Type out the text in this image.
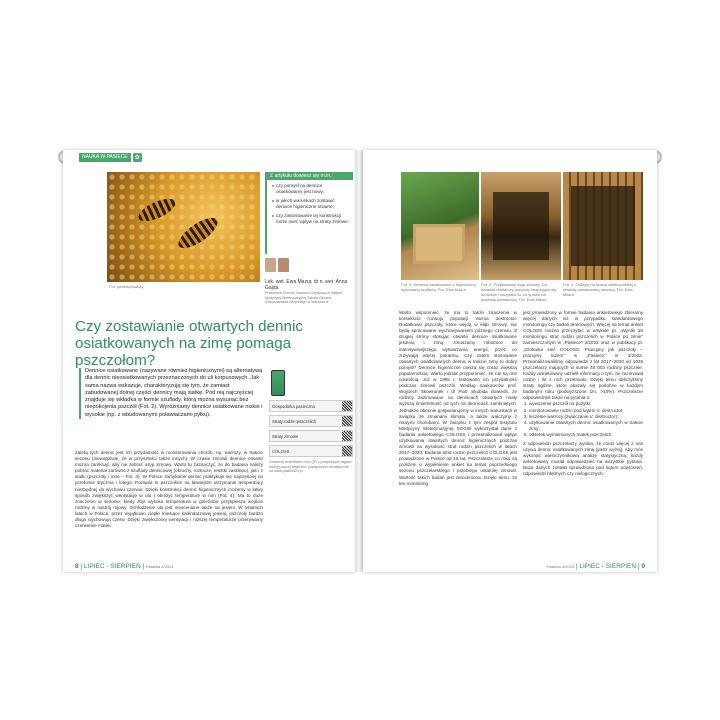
NAUKA W PASIECE	✿
Fot. pexels/pixabay
Z artykułu dowiesz się m.in.:
czy pomysł na dennice osiatkowanej jest nowy;
w jakich warunkach zostawić dennice higieniczne otwarte;
czy zastosowanie tej konstrukcji może mieć wpływ na straty zimowe.
Lek. wet. Ewa Mazur, dr n. wet. Anna Gajda
Pracownia Chorób Owadów Użytkowych Instytut Medycyny Weterynaryjnej Szkoła Główna Gospodarstwa Wiejskiego w Warszawie
Czy zostawianie otwartych dennic osiatkowanych na zimę pomaga pszczołom?
Dennice osiatkowane (nazywane również higienicznymi) są alternatywą dla dennic nieosiatkowanych przeznaczonych do uli korpusowych. Jak sama nazwa wskazuje, charakteryzują się tym, że zamiast zabudowanej dolnej części dennicy mają siatkę. Pod nią najczęściej znajduje się wkładka w formie szuflady, którą można wysunąć bez niepokojenia pszczół (Fot. 2). Wyróżniamy dennice osiatkowane niskie i wysokie (np. z wbudowanymi poławiaczami pyłku).
Zaletą tych dennic jest ich przydatność w monitorowaniu chorób, np. warrozy, w trakcie sezonu (niewątpliwie, że w przyszłości także innych). W czasie zimowli dennice otwarte można zamknąć, aby nie zebrać osyp zimowy. Warto tu zaznaczyć, że do badania należy pobrać materiał zarówno z szuflady dennicowej (okruchy, roztocze, resztki zasklepu), jak i z siatki (pszczoły i inne – Fot. 3). W Polsce zamykanie dennic praktykuje się najczęściej na przełomie stycznia i lutego. Pozwala to pszczołom na łatwiejsze utrzymanie temperatury niezbędnej do wychowu czerwiu. Dzięki konstrukcji dennic higienicznych możemy w łatwy sposób zwiększyć wentylację w ulu i obniżyć temperaturę w nim (Fot. 4). Ma to duże znaczenie w sezonie, kiedy zbyt wysoka temperatura w gnieździe przyspiesza wejście rodziny w nastrój rojowy. Ochłodzenie ula jest nieocenione także na jesieni. W ostatnich latach w Polsce, przez wyjątkowo ciepłe miesiące kalendarzowej jesieni, pszczoły bardzo długo wychowują czerw. Dzięki zwiększonej wentylacji i niższej temperaturze przerywamy czerwienie matek.
Gospodarka pasieczna
Straty rodzin pszczelich
Straty zimowe
COLOSS
Zeskanuj smartfonem kod QR z powyższych tagów i dotrzyj więcej artykułów powiązanych tematycznie na www.pasieka24.pl
8 | LIPIEC - SIERPIEŃ | Pasieka 4/2023
Fot. 2. Dennica osiatkowana z higieniczną wysuwaną szufladą. Fot. Ewa Mazur
Fot. 3. Przykładowy osyp zimowy. Do badania dostarczy pszczoły znajdujące się na siatce i wszystko to, co spadło na szufladę pomiarową. Fot. Ewa Mazur
Fot. 4. Odkryty na lipnicę wielkopolskiej z otwartą osiatkowaną dennicą. Fot. Ewa Mazur
Warto wspomnieć, że ma to także znaczenie w kontekście rozwoju populacji Varroa destructor. Dodatkowo pszczoły, które wejdą w kłąb zimowy, nie będą spracowane wychowywaniem późnego czerwiu. Z drugiej strony stosując otwarte dennice osiatkowane jesienią i zimą, zmuszamy robotnice do intensywniejszego wytwarzania energii, przez co zużywają więcej pokarmu. Czy zatem stosowanie otwartych osiatkowanych dennic w trakcie zimy to dobry pomysł? Dennice higieniczne cieszą się coraz większą popularnością. Warto jednak przypomnieć, że nie są one nowością. Już w 1995 r. testowano ich przydatność podczas zimowli pszczół. Według naukowców prof. Wojciech Skowronek i dr Piotr Skubida dowiedli, że rodziny zazimowane na dennicach otwartych miały wyższą śmiertelność od tych na dennicach zamkniętych. Jednakże obecnie gospodarujemy w innych warunkach w związku ze zmianami klimatu, a także walczymy z nowymi chorobami. W związku z tym zespół Instytutu Medycyny Weterynaryjnej SGGW wykorzystał dane z badania ankietowego COLOSS i przeanalizował wpływ użytkowania otwartych dennic higienicznych podczas zimowli na wysokość strat rodzin pszczelich w latach 2017–2020. Badanie strat rodzin pszczelich COLOSS jest prowadzone w Polsce od 16 lat. Pszczelarze co roku są proszeni o wypełnienie ankiet na temat poprzedniego sezonu pszczelarskiego i przebiegu ostatniej zimowli. Wartość takich badań jest nieoceniona. Dzięki temu, że ten monitoring
jest prowadzony w formie badania ankietowego zbieramy więcej danych niż w przypadku standardowego monitoringu czy badań terenowych. Więcej na temat ankiet COLOSS można przeczytać w artykule pt. „Wyniki 16 monitoringu strat rodzin pszczelich w Polsce po zimie” zamieszczonym w „Pasiece” 3/2023 oraz w publikacji pt. „Globalna sieć COLOSS: Pracujmy jak pszczoły – pracujmy razem” w „Pasiece” nr 3/2022. Przeanalizowaliśmy odpowiedzi z lat 2017–2020 od 1035 pszczelarzy mających w sumie 40 003 rodziny pszczele. Każdy ankietowany udzielił informacji o tym, ile zazimował rodzin i ile z nich przetrwało. Dzięki temu obliczyliśmy straty ogólne, które okazały się podobne w każdym badanym roku (podwyższone tzn. >10%). Pszczelarze odpowiedzieli także na pytania o:
1. wywożenie pszczół na pożytki;
2. monitorowanie rodzin pod kątem V. destructor;
3. leczenie warrozy (zwalczanie V. destructor);
4. użytkowanie otwartych dennic osiatkowanych w trakcie zimy;
5. odsetek wymienionych matek pszczelich.
Z odpowiedzi pszczelarzy wynika, że coraz więcej z nas używa dennic osiatkowanych zimą (patrz wyżej). Aby móc wykonać wieloczynnikową analizę statystyczną, każdy ankietowany musiał odpowiedzieć na wszystkie pytania. Baza danych została sprawdzona pod kątem powtórzeń, odpowiedzi błędnych czy nielogicznych.
Pasieka 4/2023 | LIPIEC - SIERPIEŃ | 9
